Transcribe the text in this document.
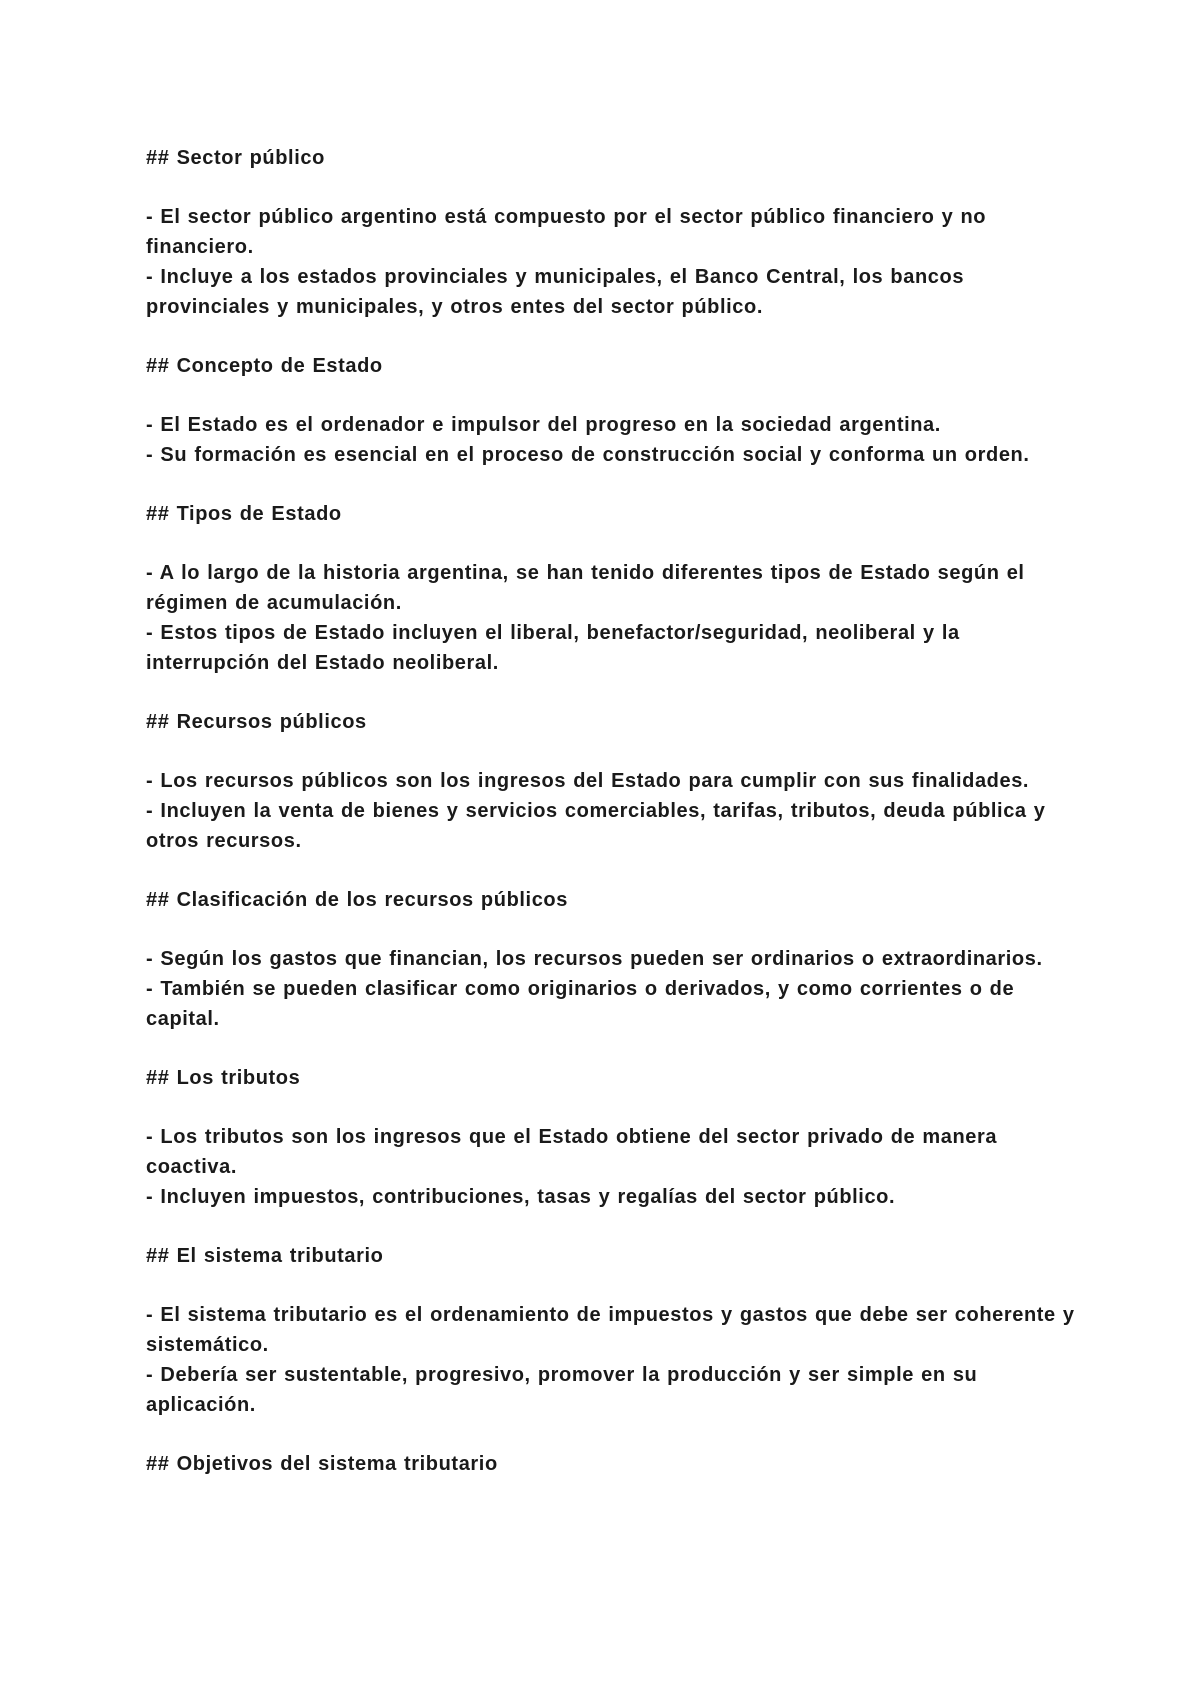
## Sector público

- El sector público argentino está compuesto por el sector público financiero y no financiero.

- Incluye a los estados provinciales y municipales, el Banco Central, los bancos provinciales y municipales, y otros entes del sector público.

## Concepto de Estado

- El Estado es el ordenador e impulsor del progreso en la sociedad argentina.

- Su formación es esencial en el proceso de construcción social y conforma un orden.

## Tipos de Estado

- A lo largo de la historia argentina, se han tenido diferentes tipos de Estado según el régimen de acumulación.

- Estos tipos de Estado incluyen el liberal, benefactor/seguridad, neoliberal y la interrupción del Estado neoliberal.

## Recursos públicos

- Los recursos públicos son los ingresos del Estado para cumplir con sus finalidades.

- Incluyen la venta de bienes y servicios comerciables, tarifas, tributos, deuda pública y otros recursos.

## Clasificación de los recursos públicos

- Según los gastos que financian, los recursos pueden ser ordinarios o extraordinarios.

- También se pueden clasificar como originarios o derivados, y como corrientes o de capital.

## Los tributos

- Los tributos son los ingresos que el Estado obtiene del sector privado de manera coactiva.

- Incluyen impuestos, contribuciones, tasas y regalías del sector público.

## El sistema tributario

- El sistema tributario es el ordenamiento de impuestos y gastos que debe ser coherente y sistemático.

- Debería ser sustentable, progresivo, promover la producción y ser simple en su aplicación.

## Objetivos del sistema tributario
